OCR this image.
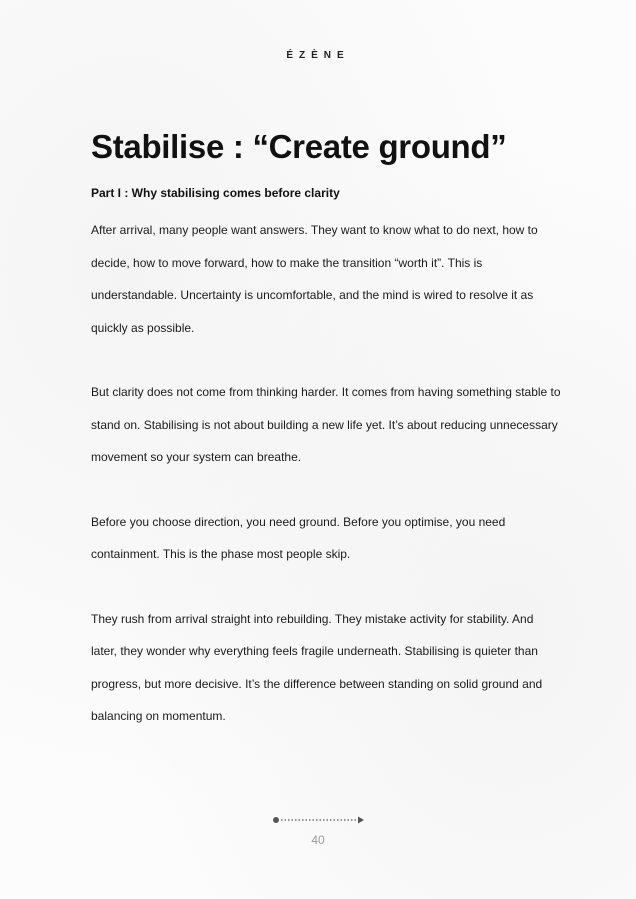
ÉZÈNE
Stabilise : “Create ground”
Part I : Why stabilising comes before clarity

After arrival, many people want answers. They want to know what to do next, how to decide, how to move forward, how to make the transition “worth it”. This is understandable. Uncertainty is uncomfortable, and the mind is wired to resolve it as quickly as possible.

But clarity does not come from thinking harder. It comes from having something stable to stand on. Stabilising is not about building a new life yet. It’s about reducing unnecessary movement so your system can breathe.

Before you choose direction, you need ground. Before you optimise, you need containment. This is the phase most people skip.

They rush from arrival straight into rebuilding. They mistake activity for stability. And later, they wonder why everything feels fragile underneath. Stabilising is quieter than progress, but more decisive. It’s the difference between standing on solid ground and balancing on momentum.

40
